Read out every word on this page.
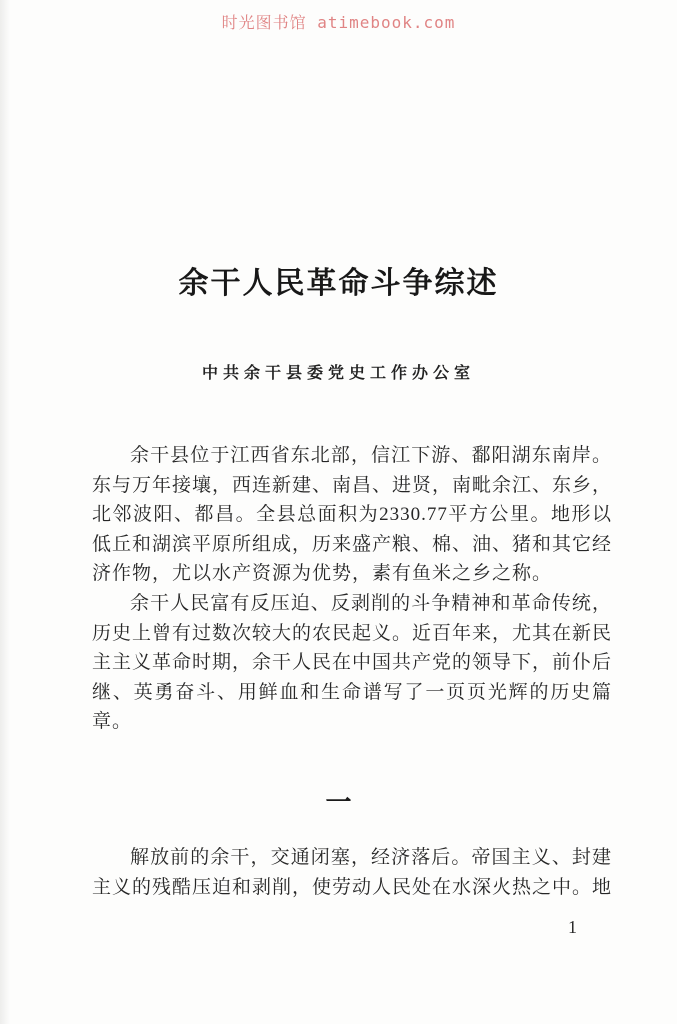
时光图书馆 atimebook.com
余干人民革命斗争综述
中共余干县委党史工作办公室
余干县位于江西省东北部，信江下游、鄱阳湖东南岸。
东与万年接壤，西连新建、南昌、进贤，南毗余江、东乡，
北邻波阳、都昌。全县总面积为2330.77平方公里。地形以
低丘和湖滨平原所组成，历来盛产粮、棉、油、猪和其它经
济作物，尤以水产资源为优势，素有鱼米之乡之称。
余干人民富有反压迫、反剥削的斗争精神和革命传统，
历史上曾有过数次较大的农民起义。近百年来，尤其在新民
主主义革命时期，余干人民在中国共产党的领导下，前仆后
继、英勇奋斗、用鲜血和生命谱写了一页页光辉的历史篇
章。
一
解放前的余干，交通闭塞，经济落后。帝国主义、封建
主义的残酷压迫和剥削，使劳动人民处在水深火热之中。地
1
